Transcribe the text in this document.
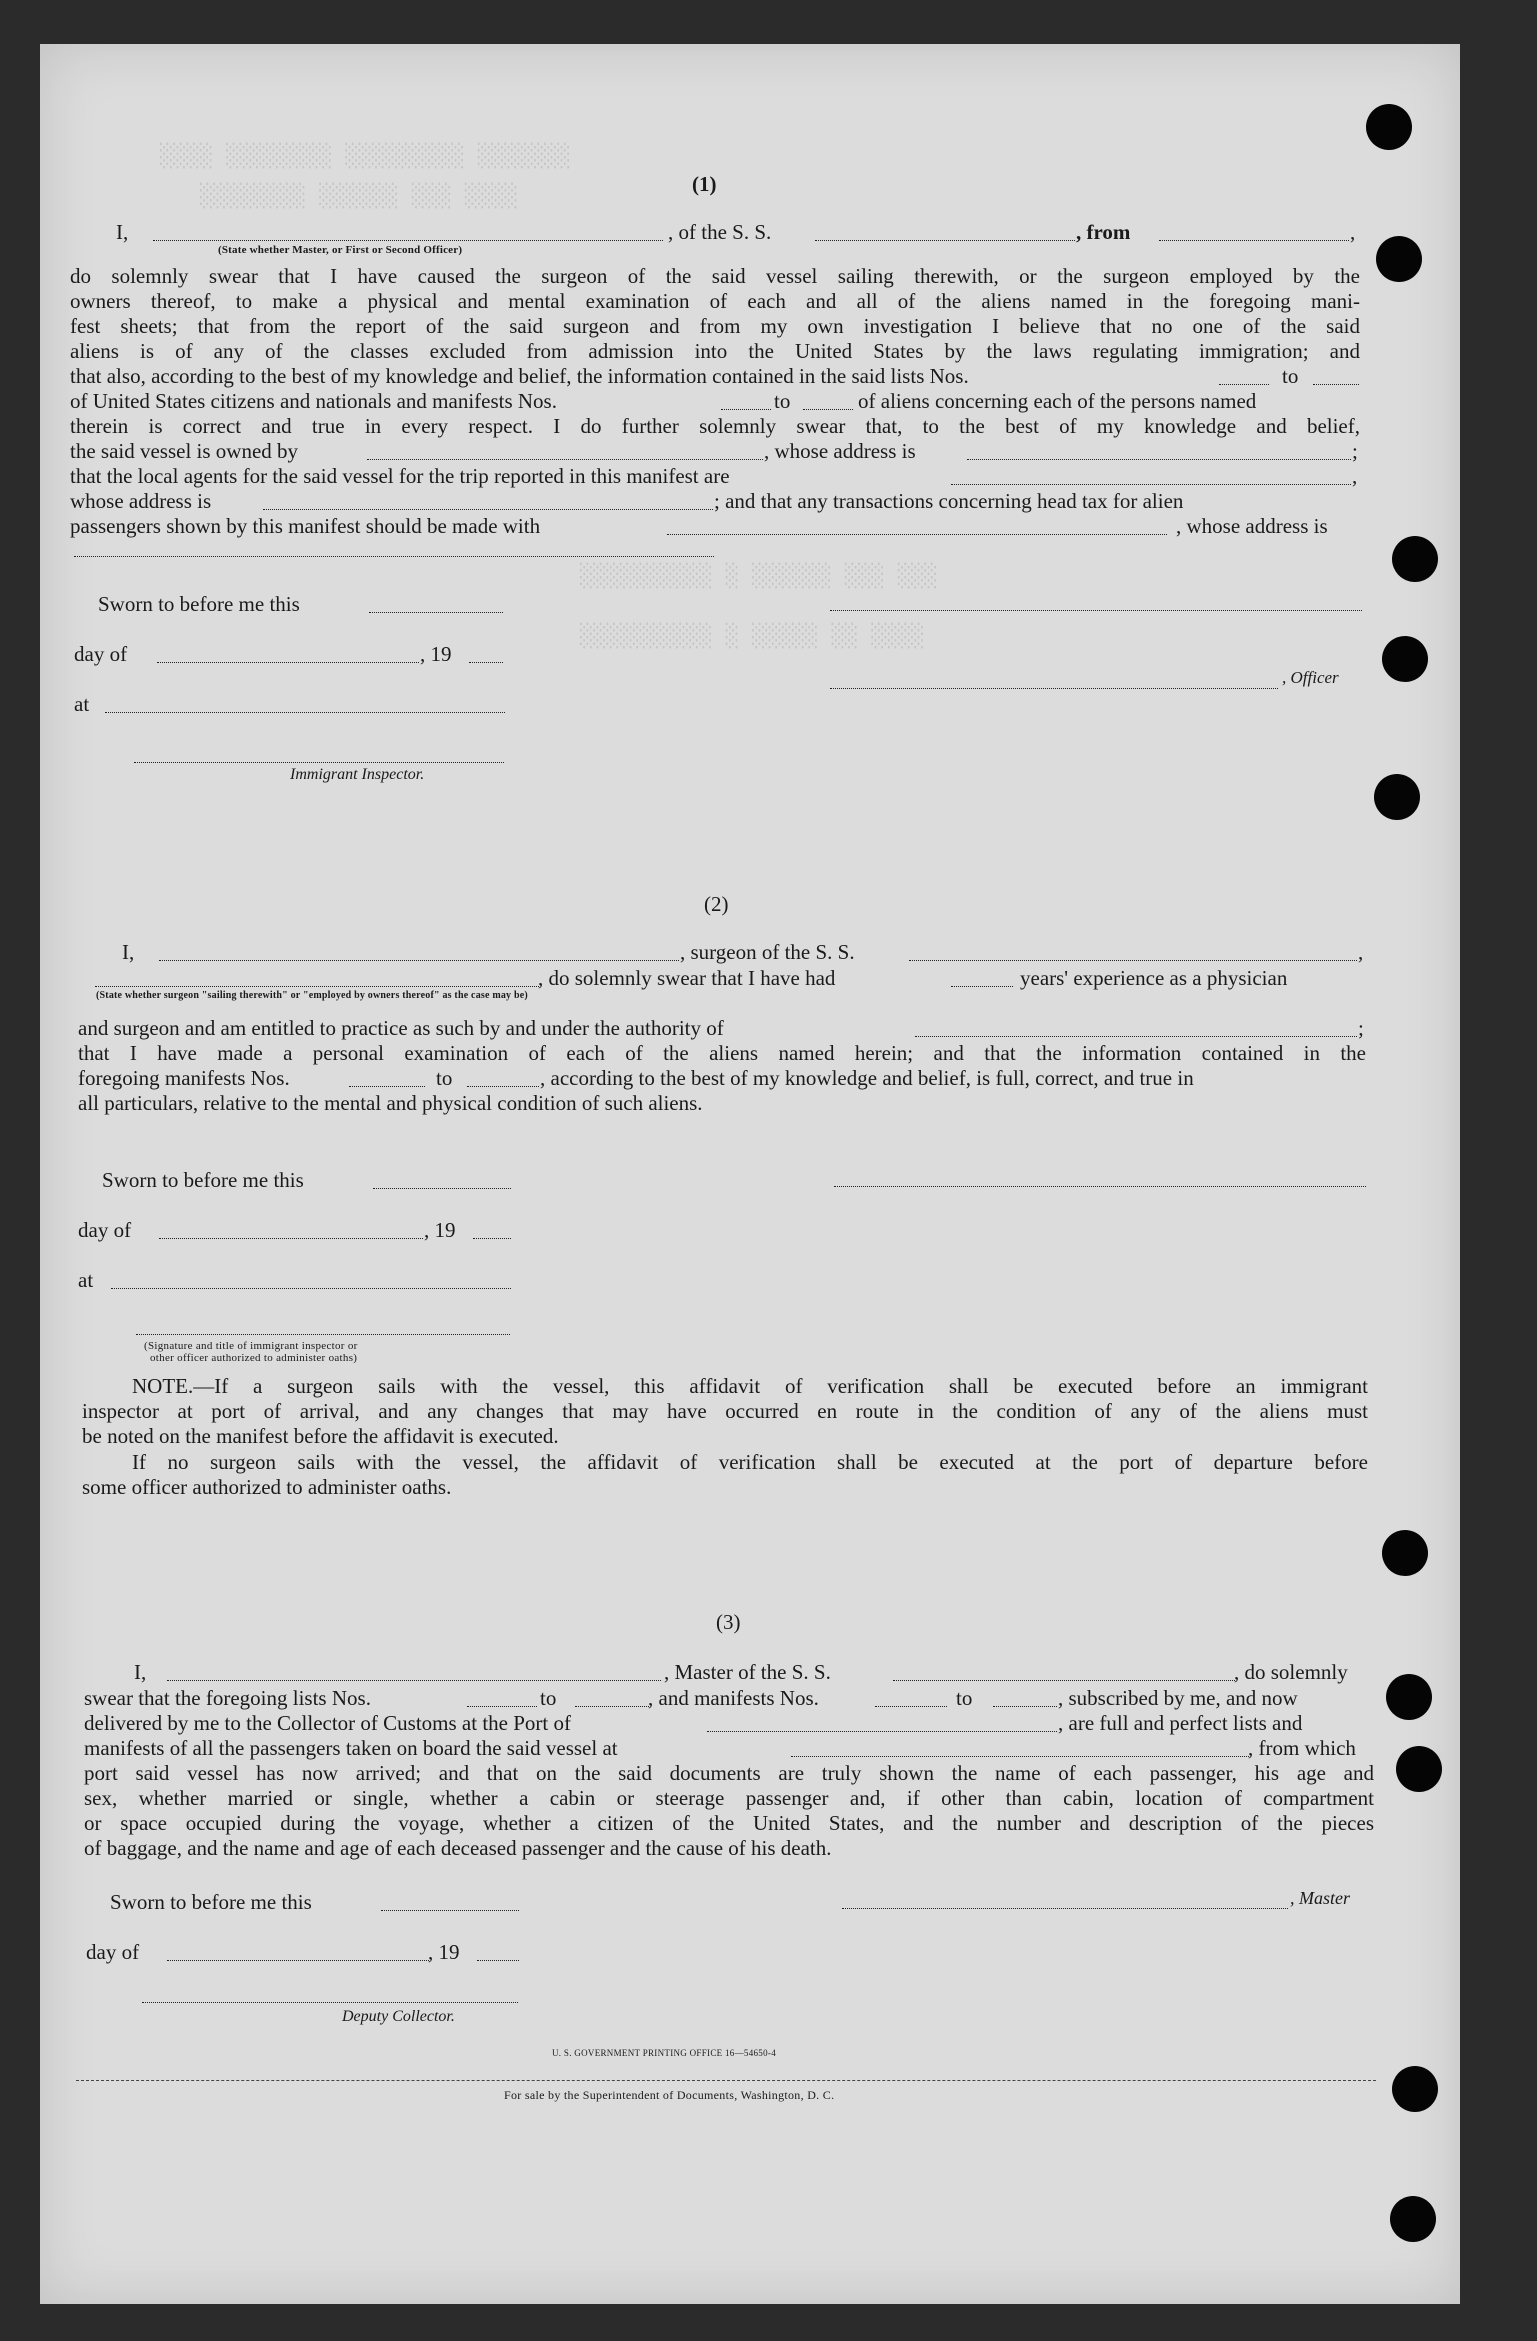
░░░░ ░░░░░░░░ ░░░░░░░░░ ░░░░░░░
░░░░░░░░ ░░░░░░ ░░░ ░░░░
░░░░░░░░░░ ░ ░░░░░░ ░░░ ░░░
░░░░░░░░░░ ░ ░░░░░ ░░ ░░░░
(1)
I,	, of the S. S.	, from	,
(State whether Master, or First or Second Officer)
do solemnly swear that I have caused the surgeon of the said vessel sailing therewith, or the surgeon employed by the
owners thereof, to make a physical and mental examination of each and all of the aliens named in the foregoing mani-
fest sheets; that from the report of the said surgeon and from my own investigation I believe that no one of the said
aliens is of any of the classes excluded from admission into the United States by the laws regulating immigration; and
that also, according to the best of my knowledge and belief, the information contained in the said lists Nos.	to
of United States citizens and nationals and manifests Nos.	to	of aliens concerning each of the persons named
therein is correct and true in every respect. I do further solemnly swear that, to the best of my knowledge and belief,
the said vessel is owned by	, whose address is	;
that the local agents for the said vessel for the trip reported in this manifest are	,
whose address is	; and that any transactions concerning head tax for alien
passengers shown by this manifest should be made with	, whose address is
Sworn to before me this
day of	, 19
, Officer
at
Immigrant Inspector.
(2)
I,	, surgeon of the S. S.	,
, do solemnly swear that I have had	years' experience as a physician
(State whether surgeon "sailing therewith" or "employed by owners thereof" as the case may be)
and surgeon and am entitled to practice as such by and under the authority of	;
that I have made a personal examination of each of the aliens named herein; and that the information contained in the
foregoing manifests Nos.	to	, according to the best of my knowledge and belief, is full, correct, and true in
all particulars, relative to the mental and physical condition of such aliens.
Sworn to before me this
day of	, 19
at
(Signature and title of immigrant inspector or
other officer authorized to administer oaths)
NOTE.—If a surgeon sails with the vessel, this affidavit of verification shall be executed before an immigrant
inspector at port of arrival, and any changes that may have occurred en route in the condition of any of the aliens must
be noted on the manifest before the affidavit is executed.
If no surgeon sails with the vessel, the affidavit of verification shall be executed at the port of departure before
some officer authorized to administer oaths.
(3)
I,	, Master of the S. S.	, do solemnly
swear that the foregoing lists Nos.	to	, and manifests Nos.	to	, subscribed by me, and now
delivered by me to the Collector of Customs at the Port of	, are full and perfect lists and
manifests of all the passengers taken on board the said vessel at	, from which
port said vessel has now arrived; and that on the said documents are truly shown the name of each passenger, his age and
sex, whether married or single, whether a cabin or steerage passenger and, if other than cabin, location of compartment
or space occupied during the voyage, whether a citizen of the United States, and the number and description of the pieces
of baggage, and the name and age of each deceased passenger and the cause of his death.
Sworn to before me this	, Master
day of	, 19
Deputy Collector.
U. S. GOVERNMENT PRINTING OFFICE 16—54650-4
For sale by the Superintendent of Documents, Washington, D. C.
